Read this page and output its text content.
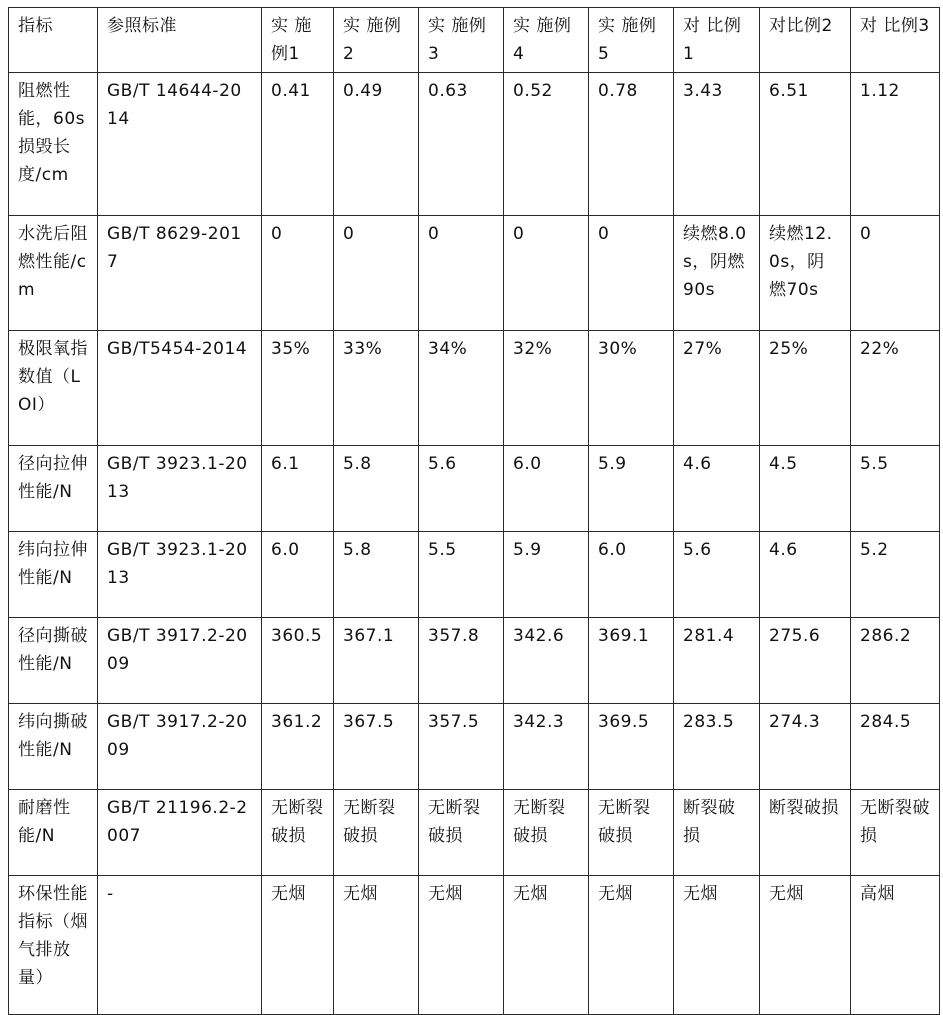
指标	参照标准	实 施例1	实 施例2	实 施例3	实 施例4	实 施例5	对 比例1	对比例2	对 比例3
阻燃性能，60s损毁长度/cm	GB/T 14644-2014	0.41	0.49	0.63	0.52	0.78	3.43	6.51	1.12
水洗后阻燃性能/cm	GB/T 8629-2017	0	0	0	0	0	续燃8.0s，阴燃90s	续燃12.0s，阴燃70s	0
极限氧指数值（LOI）	GB/T5454-2014	35%	33%	34%	32%	30%	27%	25%	22%
径向拉伸性能/N	GB/T 3923.1-2013	6.1	5.8	5.6	6.0	5.9	4.6	4.5	5.5
纬向拉伸性能/N	GB/T 3923.1-2013	6.0	5.8	5.5	5.9	6.0	5.6	4.6	5.2
径向撕破性能/N	GB/T 3917.2-2009	360.5	367.1	357.8	342.6	369.1	281.4	275.6	286.2
纬向撕破性能/N	GB/T 3917.2-2009	361.2	367.5	357.5	342.3	369.5	283.5	274.3	284.5
耐磨性能/N	GB/T 21196.2-2007	无断裂破损	无断裂破损	无断裂破损	无断裂破损	无断裂破损	断裂破损	断裂破损	无断裂破损
环保性能指标（烟气排放量）	-	无烟	无烟	无烟	无烟	无烟	无烟	无烟	高烟
